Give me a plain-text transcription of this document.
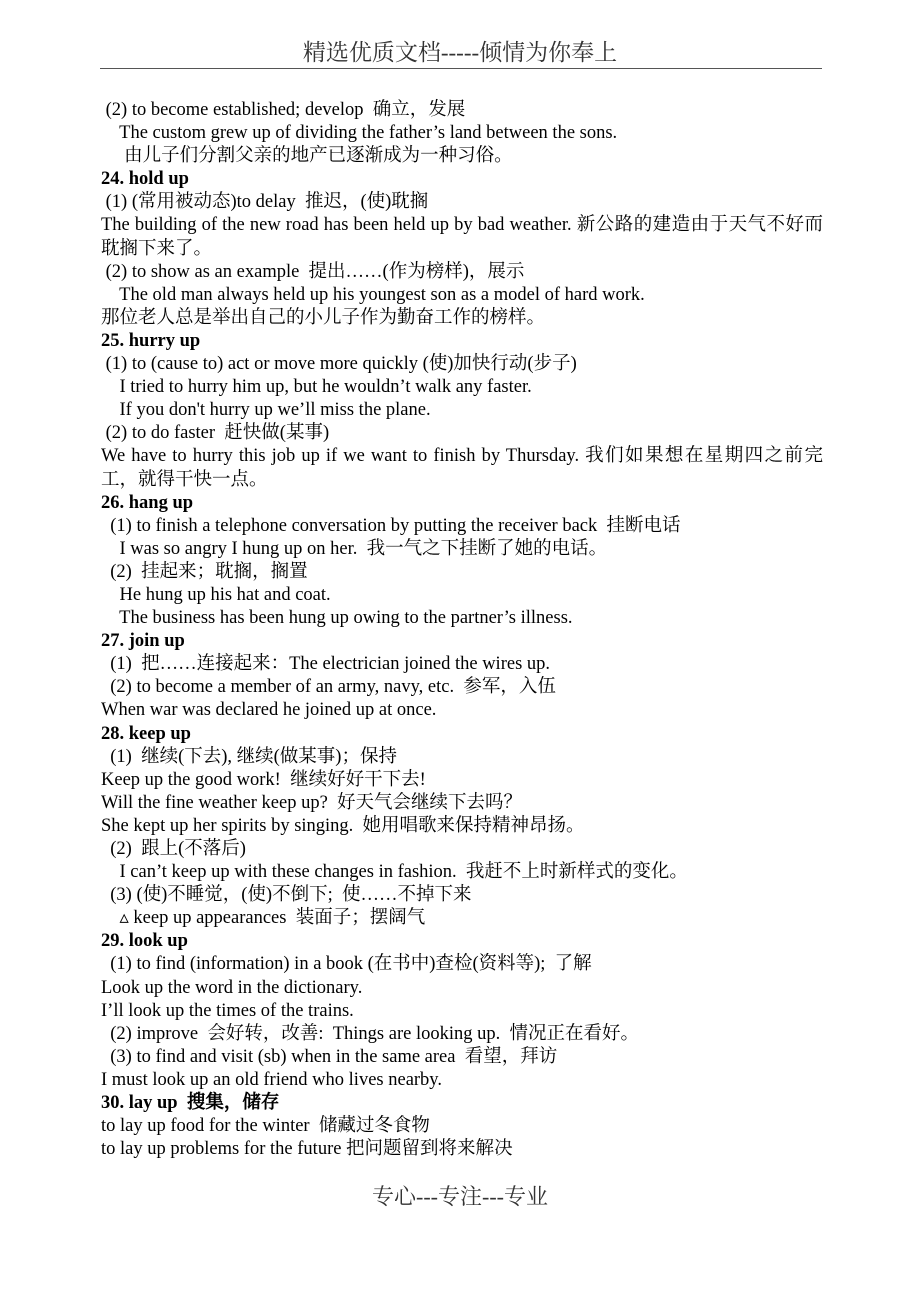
精选优质文档-----倾情为你奉上
(2) to become established; develop  确立，发展
The custom grew up of dividing the father’s land between the sons.
由儿子们分割父亲的地产已逐渐成为一种习俗。
24. hold up
(1) (常用被动态)to delay  推迟，(使)耽搁
The building of the new road has been held up by bad weather. 新公路的建造由于天气不好而耽搁下来了。
(2) to show as an example  提出……(作为榜样)，展示
The old man always held up his youngest son as a model of hard work.
那位老人总是举出自己的小儿子作为勤奋工作的榜样。
25. hurry up
(1) to (cause to) act or move more quickly (使)加快行动(步子)
I tried to hurry him up, but he wouldn’t walk any faster.
If you don't hurry up we’ll miss the plane.
(2) to do faster  赶快做(某事)
We have to hurry this job up if we want to finish by Thursday. 我们如果想在星期四之前完工，就得干快一点。
26. hang up
(1) to finish a telephone conversation by putting the receiver back  挂断电话
I was so angry I hung up on her.  我一气之下挂断了她的电话。
(2)  挂起来；耽搁，搁置
He hung up his hat and coat.
The business has been hung up owing to the partner’s illness.
27. join up
(1)  把……连接起来：The electrician joined the wires up.
(2) to become a member of an army, navy, etc.  参军，入伍
When war was declared he joined up at once.
28. keep up
(1)  继续(下去), 继续(做某事)；保持
Keep up the good work!  继续好好干下去!
Will the fine weather keep up?  好天气会继续下去吗？
She kept up her spirits by singing.  她用唱歌来保持精神昂扬。
(2)  跟上(不落后)
I can’t keep up with these changes in fashion.  我赶不上时新样式的变化。
(3) (使)不睡觉，(使)不倒下;  使……不掉下来
▵ keep up appearances  装面子；摆阔气
29. look up
(1) to find (information) in a book (在书中)查检(资料等);  了解
Look up the word in the dictionary.
I’ll look up the times of the trains.
(2) improve  会好转，改善:  Things are looking up.  情况正在看好。
(3) to find and visit (sb) when in the same area  看望，拜访
I must look up an old friend who lives nearby.
30. lay up  搜集，储存
to lay up food for the winter  储藏过冬食物
to lay up problems for the future 把问题留到将来解决
专心---专注---专业
